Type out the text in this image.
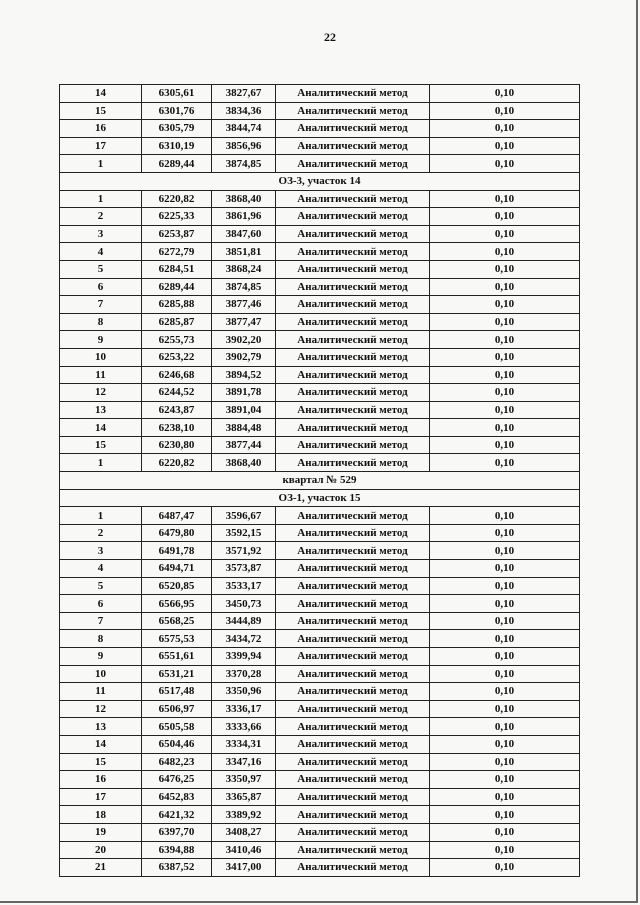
22
14	6305,61	3827,67	Аналитический метод	0,10
15	6301,76	3834,36	Аналитический метод	0,10
16	6305,79	3844,74	Аналитический метод	0,10
17	6310,19	3856,96	Аналитический метод	0,10
1	6289,44	3874,85	Аналитический метод	0,10
ОЗ-3, участок 14				
1	6220,82	3868,40	Аналитический метод	0,10
2	6225,33	3861,96	Аналитический метод	0,10
3	6253,87	3847,60	Аналитический метод	0,10
4	6272,79	3851,81	Аналитический метод	0,10
5	6284,51	3868,24	Аналитический метод	0,10
6	6289,44	3874,85	Аналитический метод	0,10
7	6285,88	3877,46	Аналитический метод	0,10
8	6285,87	3877,47	Аналитический метод	0,10
9	6255,73	3902,20	Аналитический метод	0,10
10	6253,22	3902,79	Аналитический метод	0,10
11	6246,68	3894,52	Аналитический метод	0,10
12	6244,52	3891,78	Аналитический метод	0,10
13	6243,87	3891,04	Аналитический метод	0,10
14	6238,10	3884,48	Аналитический метод	0,10
15	6230,80	3877,44	Аналитический метод	0,10
1	6220,82	3868,40	Аналитический метод	0,10
квартал № 529				
ОЗ-1, участок 15				
1	6487,47	3596,67	Аналитический метод	0,10
2	6479,80	3592,15	Аналитический метод	0,10
3	6491,78	3571,92	Аналитический метод	0,10
4	6494,71	3573,87	Аналитический метод	0,10
5	6520,85	3533,17	Аналитический метод	0,10
6	6566,95	3450,73	Аналитический метод	0,10
7	6568,25	3444,89	Аналитический метод	0,10
8	6575,53	3434,72	Аналитический метод	0,10
9	6551,61	3399,94	Аналитический метод	0,10
10	6531,21	3370,28	Аналитический метод	0,10
11	6517,48	3350,96	Аналитический метод	0,10
12	6506,97	3336,17	Аналитический метод	0,10
13	6505,58	3333,66	Аналитический метод	0,10
14	6504,46	3334,31	Аналитический метод	0,10
15	6482,23	3347,16	Аналитический метод	0,10
16	6476,25	3350,97	Аналитический метод	0,10
17	6452,83	3365,87	Аналитический метод	0,10
18	6421,32	3389,92	Аналитический метод	0,10
19	6397,70	3408,27	Аналитический метод	0,10
20	6394,88	3410,46	Аналитический метод	0,10
21	6387,52	3417,00	Аналитический метод	0,10
